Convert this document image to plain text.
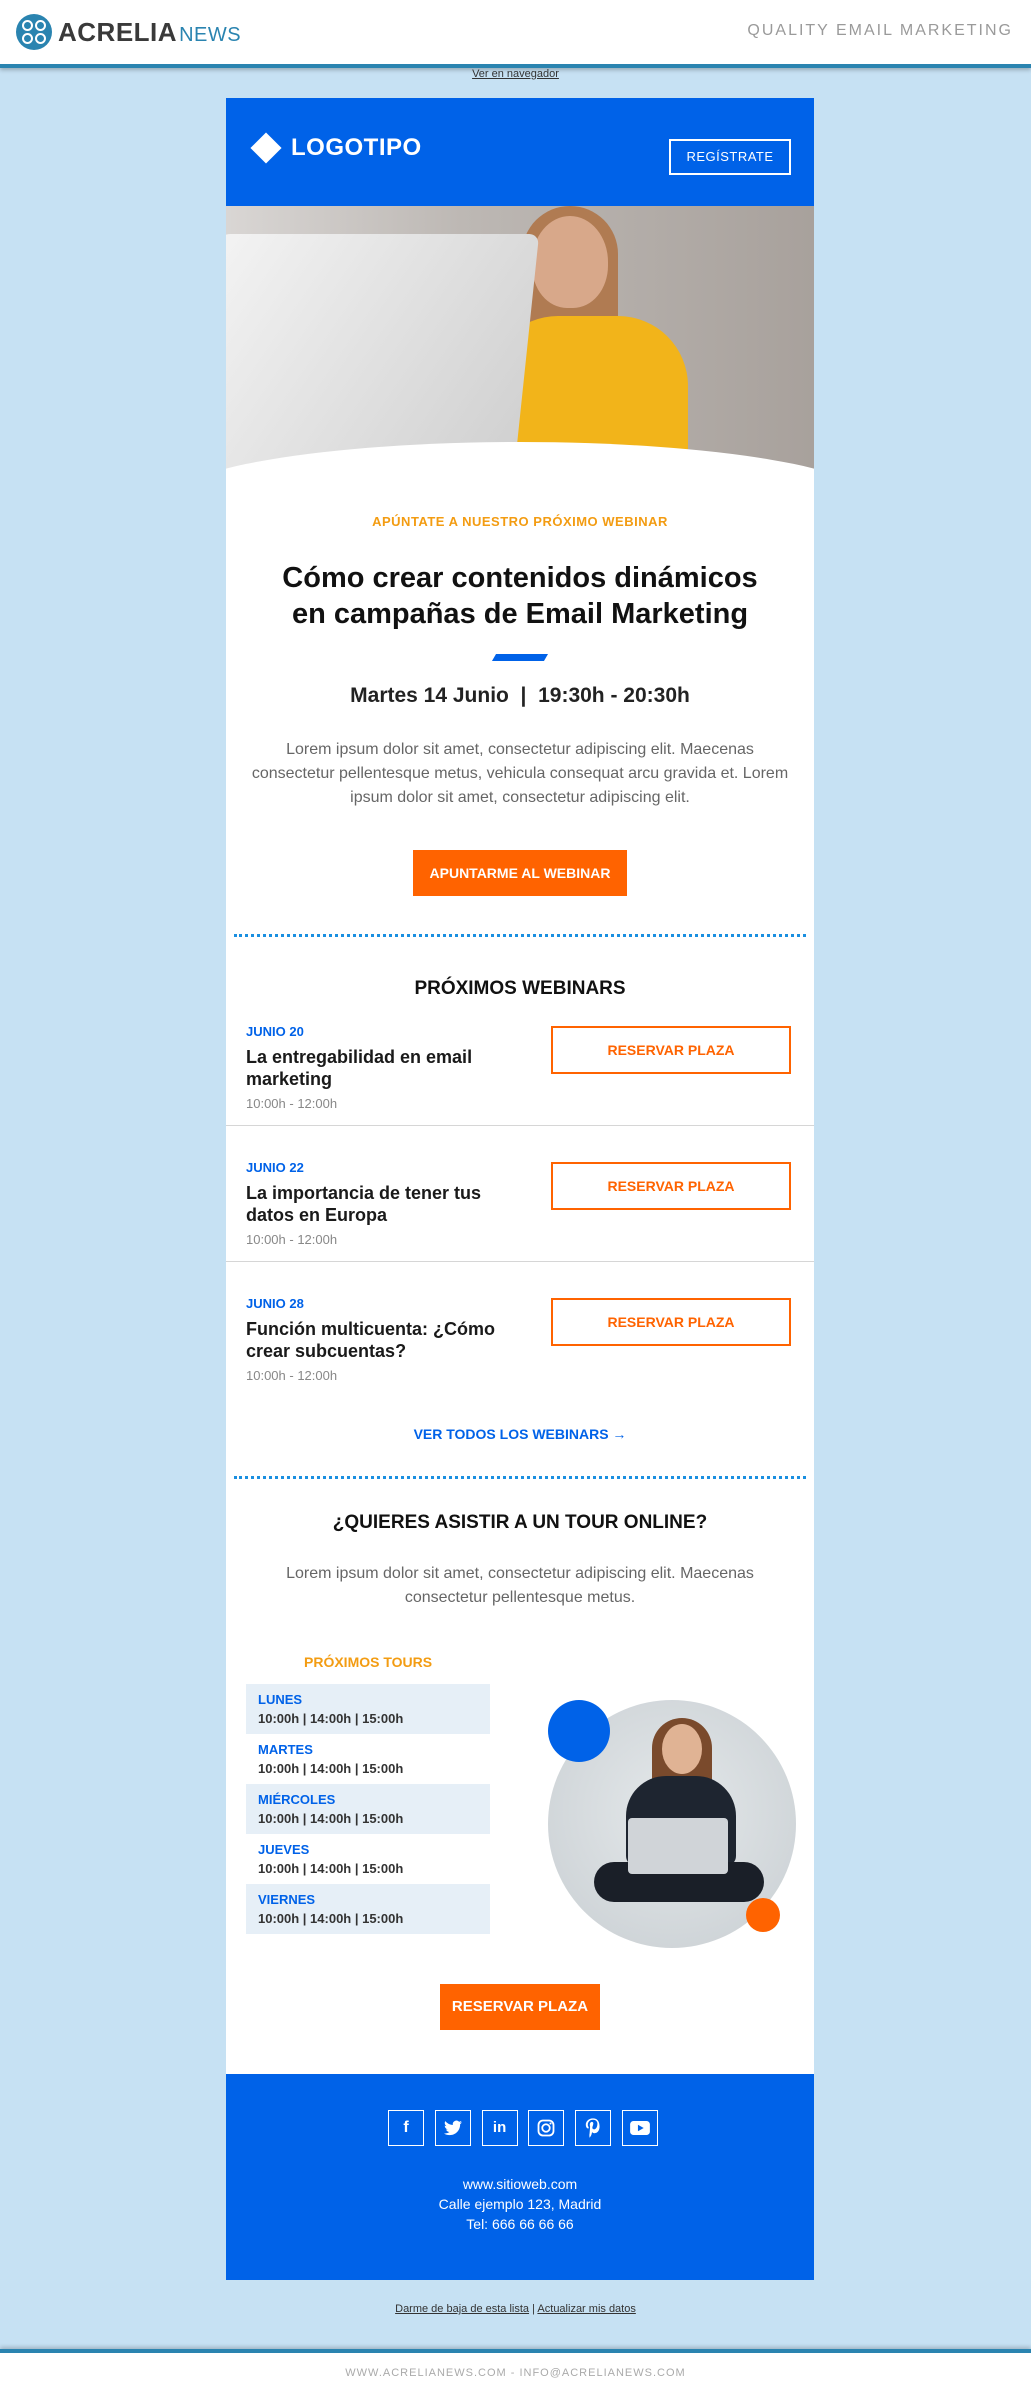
ACRELIA NEWS	QUALITY EMAIL MARKETING
Ver en navegador
LOGOTIPO	REGÍSTRATE
APÚNTATE A NUESTRO PRÓXIMO WEBINAR
Cómo crear contenidos dinámicos
en campañas de Email Marketing
Martes 14 Junio  |  19:30h - 20:30h
Lorem ipsum dolor sit amet, consectetur adipiscing elit. Maecenas consectetur pellentesque metus, vehicula consequat arcu gravida et. Lorem ipsum dolor sit amet, consectetur adipiscing elit.
APUNTARME AL WEBINAR
PRÓXIMOS WEBINARS
JUNIO 20
La entregabilidad en email marketing
10:00h - 12:00h
RESERVAR PLAZA
JUNIO 22
La importancia de tener tus datos en Europa
10:00h - 12:00h
RESERVAR PLAZA
JUNIO 28
Función multicuenta: ¿Cómo crear subcuentas?
10:00h - 12:00h
RESERVAR PLAZA
VER TODOS LOS WEBINARS →
¿QUIERES ASISTIR A UN TOUR ONLINE?
Lorem ipsum dolor sit amet, consectetur adipiscing elit. Maecenas consectetur pellentesque metus.
PRÓXIMOS TOURS
LUNES
10:00h | 14:00h | 15:00h
MARTES
10:00h | 14:00h | 15:00h
MIÉRCOLES
10:00h | 14:00h | 15:00h
JUEVES
10:00h | 14:00h | 15:00h
VIERNES
10:00h | 14:00h | 15:00h
RESERVAR PLAZA
f	in
www.sitioweb.com
Calle ejemplo 123, Madrid
Tel: 666 66 66 66
Darme de baja de esta lista | Actualizar mis datos
WWW.ACRELIANEWS.COM - INFO@ACRELIANEWS.COM
